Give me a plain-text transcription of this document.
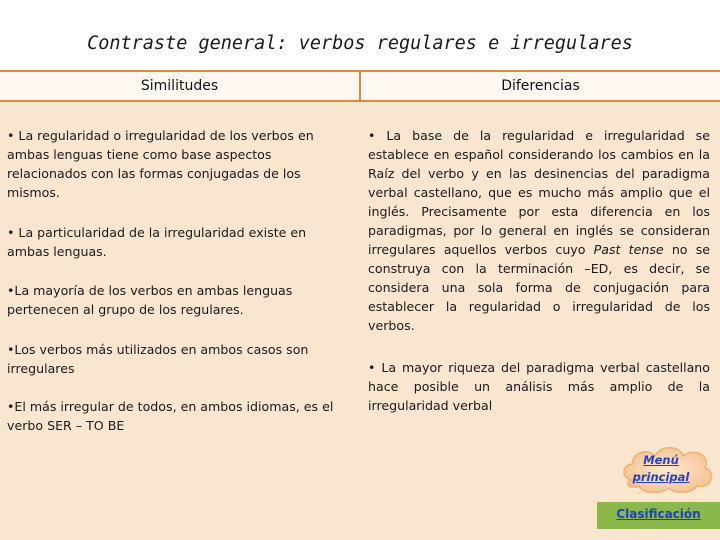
Contraste general: verbos regulares e irregulares
Similitudes	Diferencias
• La regularidad o irregularidad de los verbos en ambas lenguas tiene como base aspectos relacionados con las formas conjugadas de los mismos.
• La particularidad de la irregularidad existe en ambas lenguas.
•La mayoría de los verbos en ambas lenguas pertenecen al grupo de los regulares.
•Los verbos más utilizados en ambos casos son irregulares
•El más irregular de todos, en ambos idiomas, es el verbo SER – TO BE
• La base de la regularidad e irregularidad se establece en español considerando los cambios en la Raíz del verbo y en las desinencias del paradigma verbal castellano, que es mucho más amplio que el inglés. Precisamente por esta diferencia en los paradigmas, por lo general en inglés se consideran irregulares aquellos verbos cuyo Past tense no se construya con la terminación –ED, es decir, se considera una sola forma de conjugación para establecer la regularidad o irregularidad de los verbos.
• La mayor riqueza del paradigma verbal castellano hace posible un análisis más amplio de la irregularidad verbal
Menú
principal
Clasificación
